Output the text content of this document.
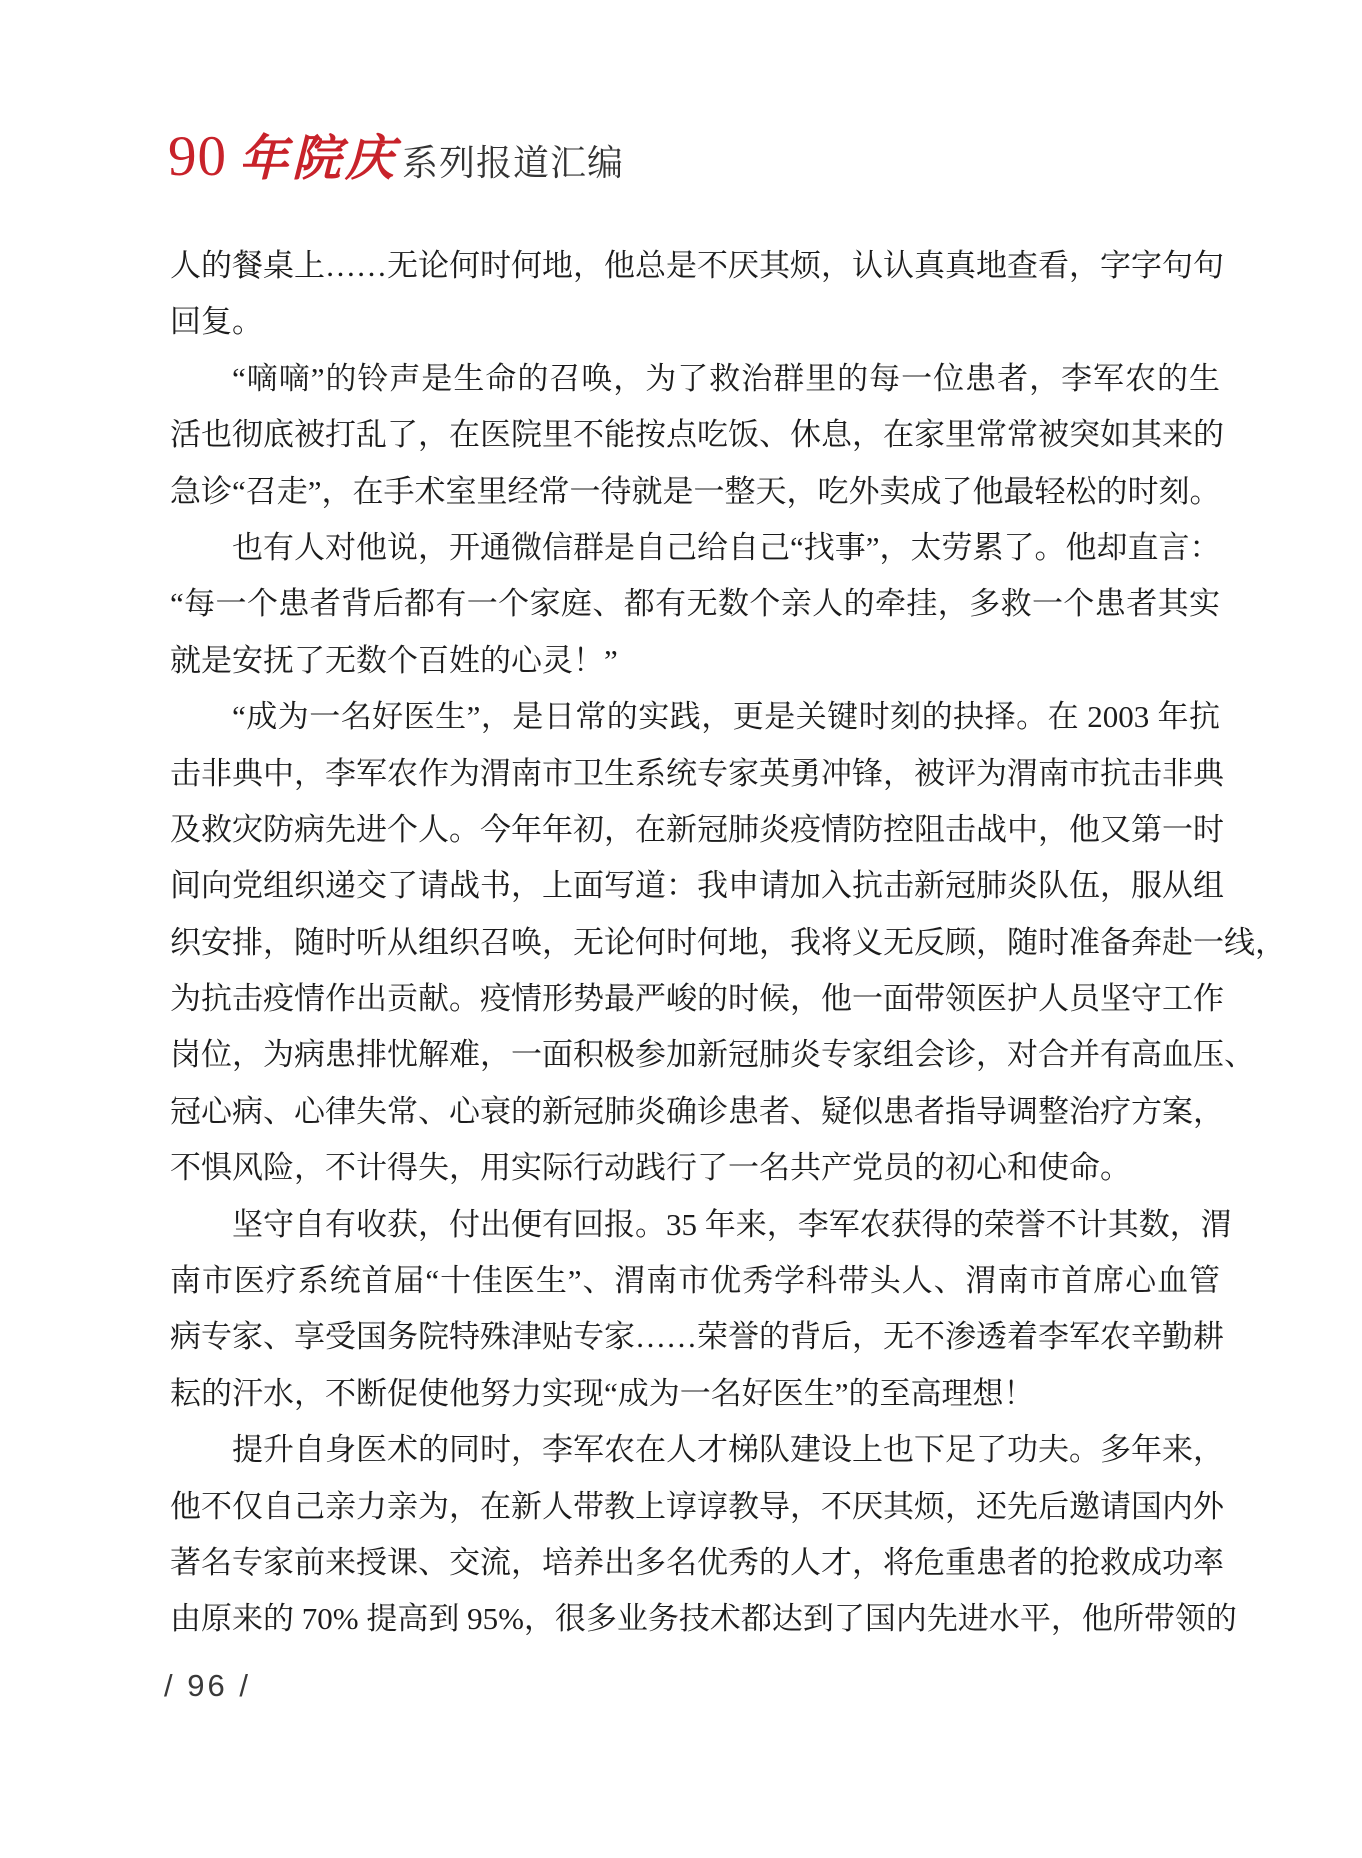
90 年院庆 系列报道汇编
人的餐桌上……无论何时何地，他总是不厌其烦，认认真真地查看，字字句句
回复。
“嘀嘀”的铃声是生命的召唤，为了救治群里的每一位患者，李军农的生
活也彻底被打乱了，在医院里不能按点吃饭、休息，在家里常常被突如其来的
急诊“召走”，在手术室里经常一待就是一整天，吃外卖成了他最轻松的时刻。
也有人对他说，开通微信群是自己给自己“找事”，太劳累了。他却直言：
“每一个患者背后都有一个家庭、都有无数个亲人的牵挂，多救一个患者其实
就是安抚了无数个百姓的心灵！”
“成为一名好医生”，是日常的实践，更是关键时刻的抉择。在 2003 年抗
击非典中，李军农作为渭南市卫生系统专家英勇冲锋，被评为渭南市抗击非典
及救灾防病先进个人。今年年初，在新冠肺炎疫情防控阻击战中，他又第一时
间向党组织递交了请战书，上面写道：我申请加入抗击新冠肺炎队伍，服从组
织安排，随时听从组织召唤，无论何时何地，我将义无反顾，随时准备奔赴一线，
为抗击疫情作出贡献。疫情形势最严峻的时候，他一面带领医护人员坚守工作
岗位，为病患排忧解难，一面积极参加新冠肺炎专家组会诊，对合并有高血压、
冠心病、心律失常、心衰的新冠肺炎确诊患者、疑似患者指导调整治疗方案，
不惧风险，不计得失，用实际行动践行了一名共产党员的初心和使命。
坚守自有收获，付出便有回报。35 年来，李军农获得的荣誉不计其数，渭
南市医疗系统首届“十佳医生”、渭南市优秀学科带头人、渭南市首席心血管
病专家、享受国务院特殊津贴专家……荣誉的背后，无不渗透着李军农辛勤耕
耘的汗水，不断促使他努力实现“成为一名好医生”的至高理想！
提升自身医术的同时，李军农在人才梯队建设上也下足了功夫。多年来，
他不仅自己亲力亲为，在新人带教上谆谆教导，不厌其烦，还先后邀请国内外
著名专家前来授课、交流，培养出多名优秀的人才，将危重患者的抢救成功率
由原来的 70% 提高到 95%，很多业务技术都达到了国内先进水平，他所带领的
/ 96 /
